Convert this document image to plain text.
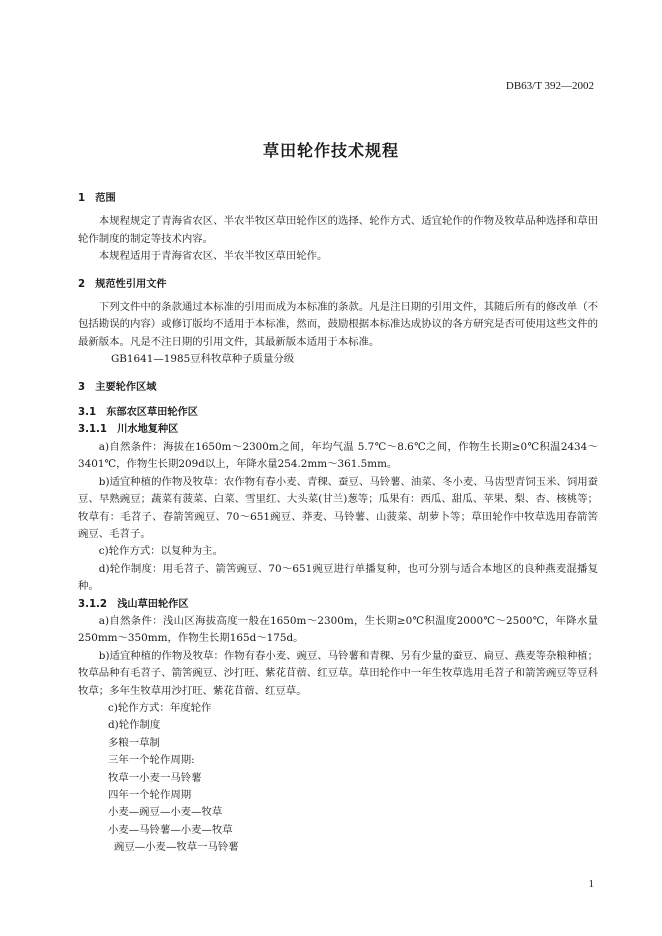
DB63/T 392—2002
草田轮作技术规程

1　范围

本规程规定了青海省农区、半农半牧区草田轮作区的选择、轮作方式、适宜轮作的作物及牧草品种选择和草田轮作制度的制定等技术内容。

本规程适用于青海省农区、半农半牧区草田轮作。

2　规范性引用文件

下列文件中的条款通过本标准的引用而成为本标准的条款。凡是注日期的引用文件，其随后所有的修改单（不包括勘误的内容）或修订版均不适用于本标准，然而，鼓励根据本标准达成协议的各方研究是否可使用这些文件的最新版本。凡是不注日期的引用文件，其最新版本适用于本标准。

GB1641—1985豆科牧草种子质量分级

3　主要轮作区域

3.1　东部农区草田轮作区

3.1.1　川水地复种区

a)自然条件：海拔在1650m～2300m之间，年均气温 5.7℃～8.6℃之间，作物生长期≥0℃积温2434～3401℃，作物生长期209d以上，年降水量254.2mm～361.5mm。

b)适宜种植的作物及牧草：农作物有春小麦、青稞、蚕豆、马铃薯、油菜、冬小麦、马齿型青饲玉米、饲用蚕豆、早熟豌豆；蔬菜有菠菜、白菜、雪里红、大头菜(甘兰)葱等；瓜果有：西瓜、甜瓜、苹果、梨、杏、核桃等；牧草有：毛苕子、春箭筈豌豆、70～651豌豆、莽麦、马铃薯、山菠菜、胡萝卜等；草田轮作中牧草选用春箭筈豌豆、毛苕子。

c)轮作方式：以复种为主。

d)轮作制度：用毛苕子、箭筈豌豆、70～651豌豆进行单播复种，也可分别与适合本地区的良种燕麦混播复种。

3.1.2　浅山草田轮作区

a)自然条件：浅山区海拔高度一般在1650m～2300m，生长期≥0℃积温度2000℃～2500℃，年降水量250mm～350mm，作物生长期165d～175d。

b)适宜种植的作物及牧草：作物有春小麦、豌豆、马铃薯和青稞、另有少量的蚕豆、扁豆、燕麦等杂粮种植；牧草品种有毛苕子、箭筈豌豆、沙打旺、紫花苜蓿、红豆草。草田轮作中一年生牧草选用毛苕子和箭筈豌豆等豆科牧草；多年生牧草用沙打旺、紫花苜蓿、红豆草。

c)轮作方式：年度轮作

d)轮作制度

多粮一草制

三年一个轮作周期:

牧草一小麦一马铃薯

四年一个轮作周期

小麦—豌豆—小麦—牧草

小麦—马铃薯—小麦—牧草

豌豆—小麦—牧草一马铃薯

1
